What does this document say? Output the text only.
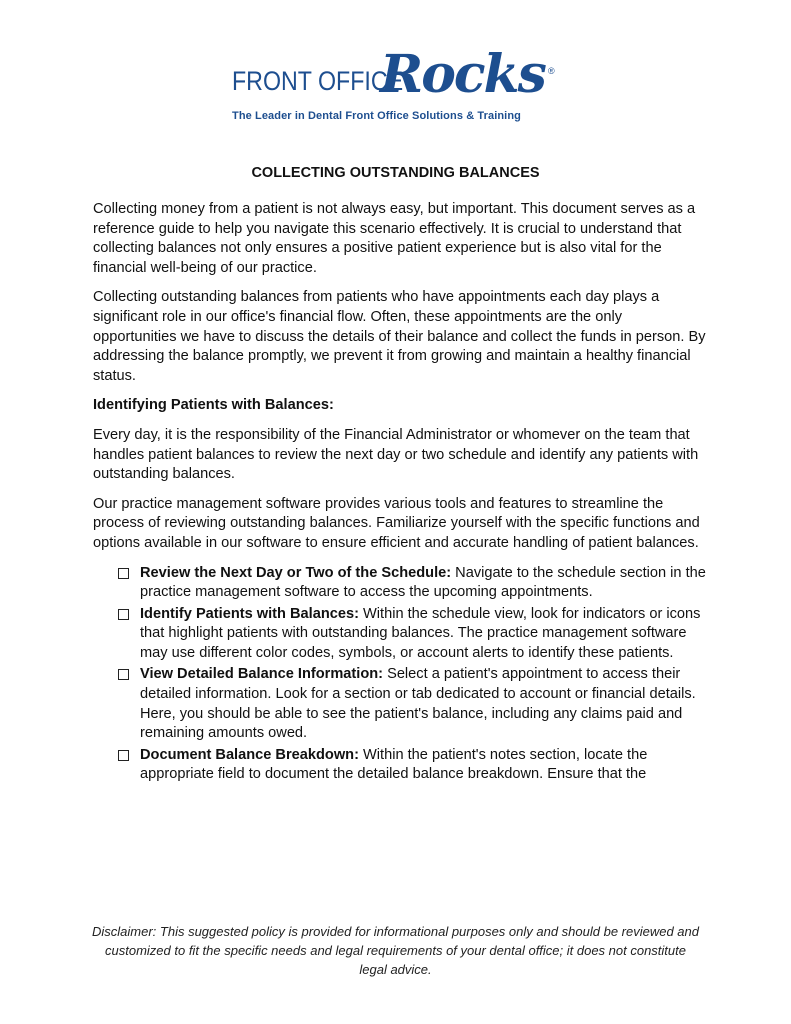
FRONT OFFICE
Rocks ®
The Leader in Dental Front Office Solutions & Training
COLLECTING OUTSTANDING BALANCES

Collecting money from a patient is not always easy, but important. This document serves as a reference guide to help you navigate this scenario effectively. It is crucial to understand that collecting balances not only ensures a positive patient experience but is also vital for the financial well-being of our practice.

Collecting outstanding balances from patients who have appointments each day plays a significant role in our office's financial flow. Often, these appointments are the only opportunities we have to discuss the details of their balance and collect the funds in person. By addressing the balance promptly, we prevent it from growing and maintain a healthy financial status.

Identifying Patients with Balances:

Every day, it is the responsibility of the Financial Administrator or whomever on the team that handles patient balances to review the next day or two schedule and identify any patients with outstanding balances.

Our practice management software provides various tools and features to streamline the process of reviewing outstanding balances. Familiarize yourself with the specific functions and options available in our software to ensure efficient and accurate handling of patient balances.

Review the Next Day or Two of the Schedule: Navigate to the schedule section in the practice management software to access the upcoming appointments.
Identify Patients with Balances: Within the schedule view, look for indicators or icons that highlight patients with outstanding balances. The practice management software may use different color codes, symbols, or account alerts to identify these patients.
View Detailed Balance Information: Select a patient's appointment to access their detailed information. Look for a section or tab dedicated to account or financial details. Here, you should be able to see the patient's balance, including any claims paid and remaining amounts owed.
Document Balance Breakdown: Within the patient's notes section, locate the appropriate field to document the detailed balance breakdown. Ensure that the
Disclaimer: This suggested policy is provided for informational purposes only and should be reviewed and customized to fit the specific needs and legal requirements of your dental office; it does not constitute legal advice.
